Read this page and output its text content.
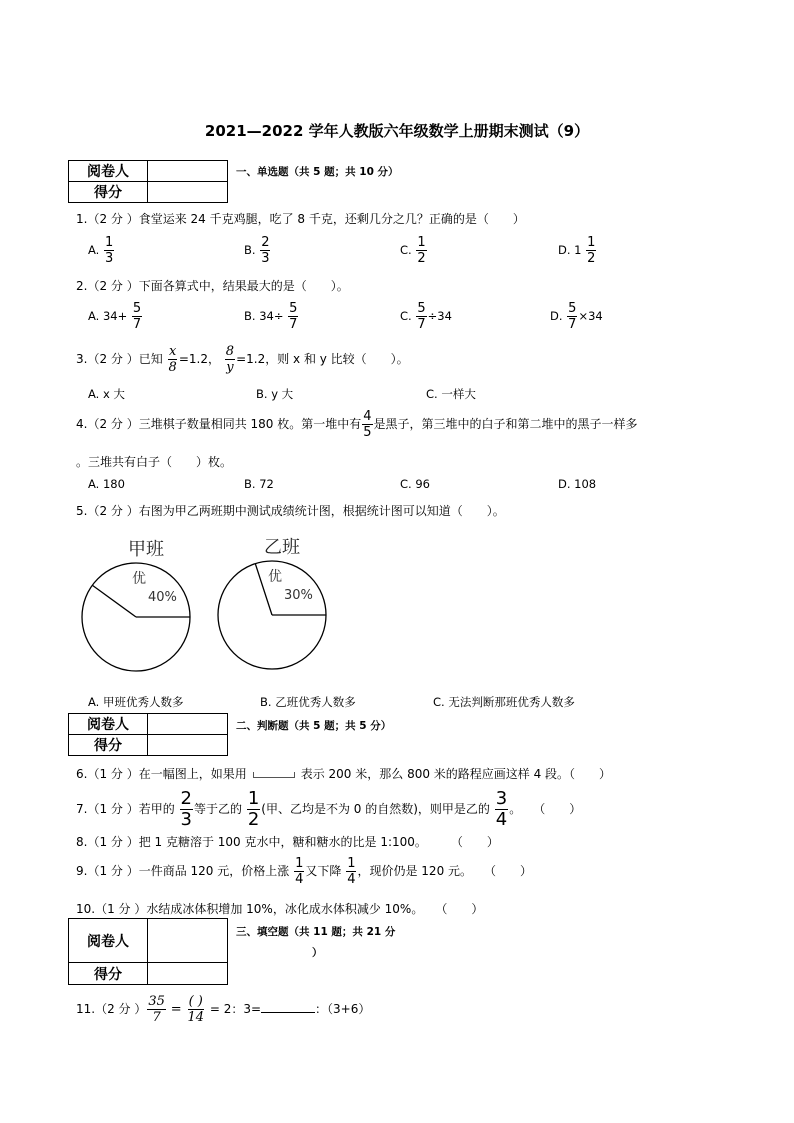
2021—2022 学年人教版六年级数学上册期末测试（9）
阅卷人	
得分	
一、单选题（共 5 题；共 10 分）
1.（2 分 ）食堂运来 24 千克鸡腿，吃了 8 千克，还剩几分之几？正确的是（　　）
A. $\frac{1}{3}$	B. $\frac{2}{3}$	C. $\frac{1}{2}$	D. $1 \frac{1}{2}$
2.（2 分 ）下面各算式中，结果最大的是（　　）。
A. $34+ \frac{5}{7}$	B. $34\div \frac{5}{7}$	C. $\frac{5}{7} \div 34$	D. $\frac{5}{7} \times 34$
3.（2 分 ）已知 $\frac{x}{8} =1.2$， $\frac{8}{y} =1.2$，则 x 和 y 比较（　　）。
A. x 大	B. y 大	C. 一样大
4.（2 分 ）三堆棋子数量相同共 180 枚。第一堆中有 $\frac{4}{5}$ 是黑子，第三堆中的白子和第二堆中的黑子一样多
。三堆共有白子（　　）枚。
A. 180	B. 72	C. 96	D. 108
5.（2 分 ）右图为甲乙两班期中测试成绩统计图，根据统计图可以知道（　　）。
甲班
优
40%
乙班
优
30%
A. 甲班优秀人数多	B. 乙班优秀人数多	C. 无法判断那班优秀人数多
阅卷人	
得分	
二、判断题（共 5 题；共 5 分）
6.（1 分 ）在一幅图上，如果用	表示 200 米，那么 800 米的路程应画这样 4 段。（　　）
7.（1 分 ）若甲的 $\frac{2}{3}$ 等于乙的 $\frac{1}{2}$ (甲、乙均是不为 0 的自然数)，则甲是乙的 $\frac{3}{4}$ 。　　（　　）
8.（1 分 ）把 1 克糖溶于 100 克水中，糖和糖水的比是 1:100。　　　（　　）
9.（1 分 ）一件商品 120 元，价格上涨 $\frac{1}{4}$ 又下降 $\frac{1}{4}$ ，现价仍是 120 元。　　（　　）
10.（1 分 ）水结成冰体积增加 10%，冰化成水体积减少 10%。　　（　　）
阅卷人	
得分	
三、填空题（共 11 题；共 21 分
）
11.（2 分 ） $\frac{35}{7} = \frac{( )}{14} = 2$：3=	：（3+6）
